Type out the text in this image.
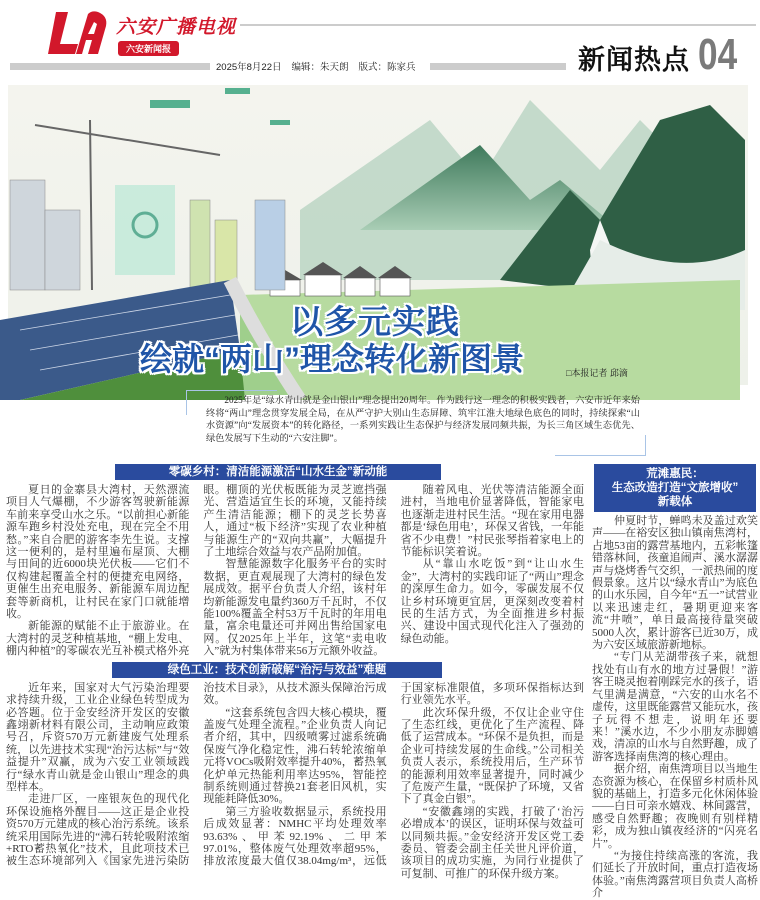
六安广播电视
六安新闻报
2025年8月22日 编辑：朱天朗 版式：陈家兵	新闻热点 04
以多元实践
绘就“两山”理念转化新图景	□本报记者 邱滴
2025年是“绿水青山就是金山银山”理念提出20周年。作为践行这一理念的积极实践者，六安市近年来始终将“两山”理念贯穿发展全局，在从严守护大别山生态屏障、筑牢江淮大地绿色底色的同时，持续探索“山水资源”向“发展资本”的转化路径，一系列实践让生态保护与经济发展同频共振，为长三角区域生态优先、绿色发展写下生动的“六安注脚”。
零碳乡村：清洁能源激活“山水生金”新动能

夏日的金寨县大湾村，天然漂流项目人气爆棚，不少游客驾驶新能源车前来享受山水之乐。“以前担心新能源车跑乡村没处充电，现在完全不用愁。”来自合肥的游客李先生说。支撑这一便利的，是村里遍布屋顶、大棚与田间的近6000块光伏板——它们不仅构建起覆盖全村的便捷充电网络，更催生出充电服务、新能源车周边配套等新商机，让村民在家门口就能增收。

新能源的赋能不止于旅游业。在大湾村的灵芝种植基地，“棚上发电、棚内种植”的零碳农光互补模式格外亮眼。棚顶的光伏板既能为灵芝遮挡强光、营造适宜生长的环境，又能持续产生清洁能源；棚下的灵芝长势喜人，通过“板下经济”实现了农业种植与能源生产的“双向共赢”，大幅提升了土地综合效益与农产品附加值。

智慧能源数字化服务平台的实时数据，更直观展现了大湾村的绿色发展成效。据平台负责人介绍，该村年均新能源发电量约360万千瓦时，不仅能100%覆盖全村53万千瓦时的年用电量，富余电量还可并网出售给国家电网。仅2025年上半年，这笔“卖电收入”就为村集体带来56万元额外收益。

随着风电、光伏等清洁能源全面进村，当地电价显著降低，智能家电也逐渐走进村民生活。“现在家用电器都是‘绿色用电’，环保又省钱，一年能省不少电费！”村民张琴指着家电上的节能标识笑着说。

从“靠山水吃饭”到“让山水生金”，大湾村的实践印证了“两山”理念的深厚生命力。如今，零碳发展不仅让乡村环境更宜居，更深刻改变着村民的生活方式，为全面推进乡村振兴、建设中国式现代化注入了强劲的绿色动能。

绿色工业：技术创新破解“治污与效益”难题

近年来，国家对大气污染治理要求持续升级，工业企业绿色转型成为必答题。位于金安经济开发区的安徽鑫翊新材料有限公司，主动响应政策号召，斥资570万元新建废气处理系统，以先进技术实现“治污达标”与“效益提升”双赢，成为六安工业领域践行“绿水青山就是金山银山”理念的典型样本。

走进厂区，一座银灰色的现代化环保设施格外醒目——这正是企业投资570万元建成的核心治污系统。该系统采用国际先进的“沸石转轮吸附浓缩+RTO蓄热氧化”技术，且此项技术已被生态环境部列入《国家先进污染防治技术目录》，从技术源头保障治污成效。

“这套系统包含四大核心模块，覆盖废气处理全流程。”企业负责人向记者介绍，其中，四级喷雾过滤系统确保废气净化稳定性，沸石转轮浓缩单元将VOCs吸附效率提升40%，蓄热氧化炉单元热能利用率达95%，智能控制系统则通过替换21套老旧风机，实现能耗降低30%。

第三方验收数据显示，系统投用后成效显著：NMHC平均处理效率93.63%、甲苯92.19%、二甲苯97.01%，整体废气处理效率超95%，排放浓度最大值仅38.04mg/m³，远低于国家标准限值，多项环保指标达到行业领先水平。

此次环保升级，不仅让企业守住了生态红线，更优化了生产流程、降低了运营成本。“环保不是负担，而是企业可持续发展的生命线。”公司相关负责人表示，系统投用后，生产环节的能源利用效率显著提升，同时减少了危废产生量，“既保护了环境，又省下了真金白银”。

“安徽鑫翊的实践，打破了‘治污必增成本’的误区，证明环保与效益可以同频共振。”金安经济开发区党工委委员、管委会副主任关世凡评价道，该项目的成功实施，为同行业提供了可复制、可推广的环保升级方案。

荒滩惠民：
生态改造打造“文旅增收”
新载体

仲夏时节，蝉鸣未及盖过欢笑声——在裕安区独山镇南焦湾村，占地53亩的露营基地内，五彩帐篷错落林间，孩童追闹声、溪水潺潺声与烧烤香气交织，一派热闹的度假景象。这片以“绿水青山”为底色的山水乐园，自今年“五一”试营业以来迅速走红，暑期更迎来客流“井喷”，单日最高接待量突破5000人次，累计游客已近30万，成为六安区域旅游新地标。

“专门从芜湖带孩子来，就想找处有山有水的地方过暑假！”游客王晓灵抱着刚踩完水的孩子，语气里满是满意，“六安的山水名不虚传，这里既能露营又能玩水，孩子玩得不想走，说明年还要来！”溪水边，不少小朋友赤脚嬉戏，清凉的山水与自然野趣，成了游客选择南焦湾的核心理由。

据介绍，南焦湾项目以当地生态资源为核心，在保留乡村质朴风貌的基础上，打造多元化休闲体验——白日可亲水嬉戏、林间露营，感受自然野趣；夜晚则有别样精彩，成为独山镇夜经济的“闪亮名片”。

“为接住持续高涨的客流，我们延长了开放时间，重点打造夜场体验。”南焦湾露营项目负责人高桥介
